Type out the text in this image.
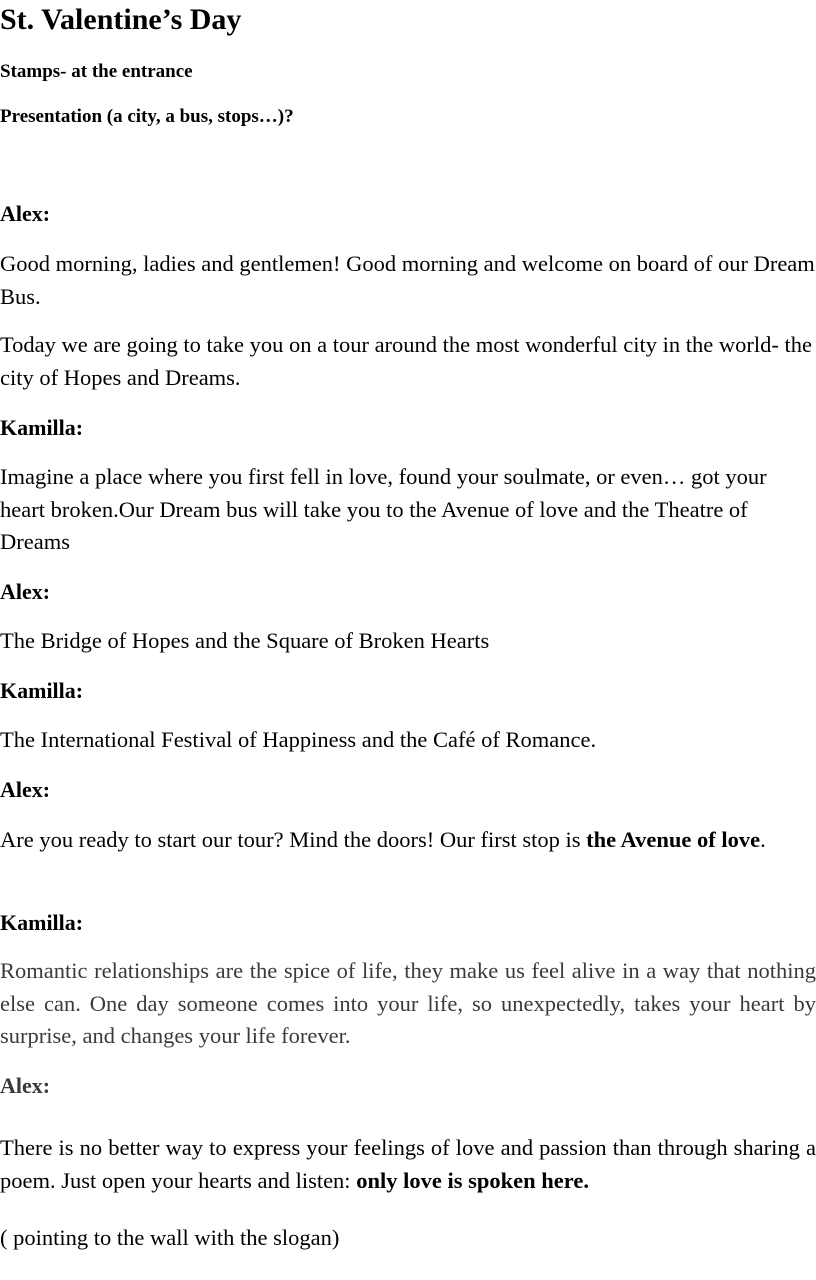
St. Valentine’s Day

Stamps- at the entrance

Presentation (a city, a bus, stops…)?

Alex:

Good morning, ladies and gentlemen! Good morning and welcome on board of our Dream Bus.

Today we are going to take you on a tour around the most wonderful city in the world- the city of Hopes and Dreams.

Kamilla:

Imagine a place where you first fell in love, found your soulmate, or even… got your heart broken.Our Dream bus will take you to the Avenue of love and the Theatre of Dreams

Alex:

The Bridge of Hopes and the Square of Broken Hearts

Kamilla:

The International Festival of Happiness and the Café of Romance.

Alex:

Are you ready to start our tour? Mind the doors! Our first stop is the Avenue of love.

Kamilla:

Romantic relationships are the spice of life, they make us feel alive in a way that nothing else can. One day someone comes into your life, so unexpectedly, takes your heart by surprise, and changes your life forever.

Alex:

There is no better way to express your feelings of love and passion than through sharing a poem. Just open your hearts and listen: only love is spoken here.

( pointing to the wall with the slogan)
